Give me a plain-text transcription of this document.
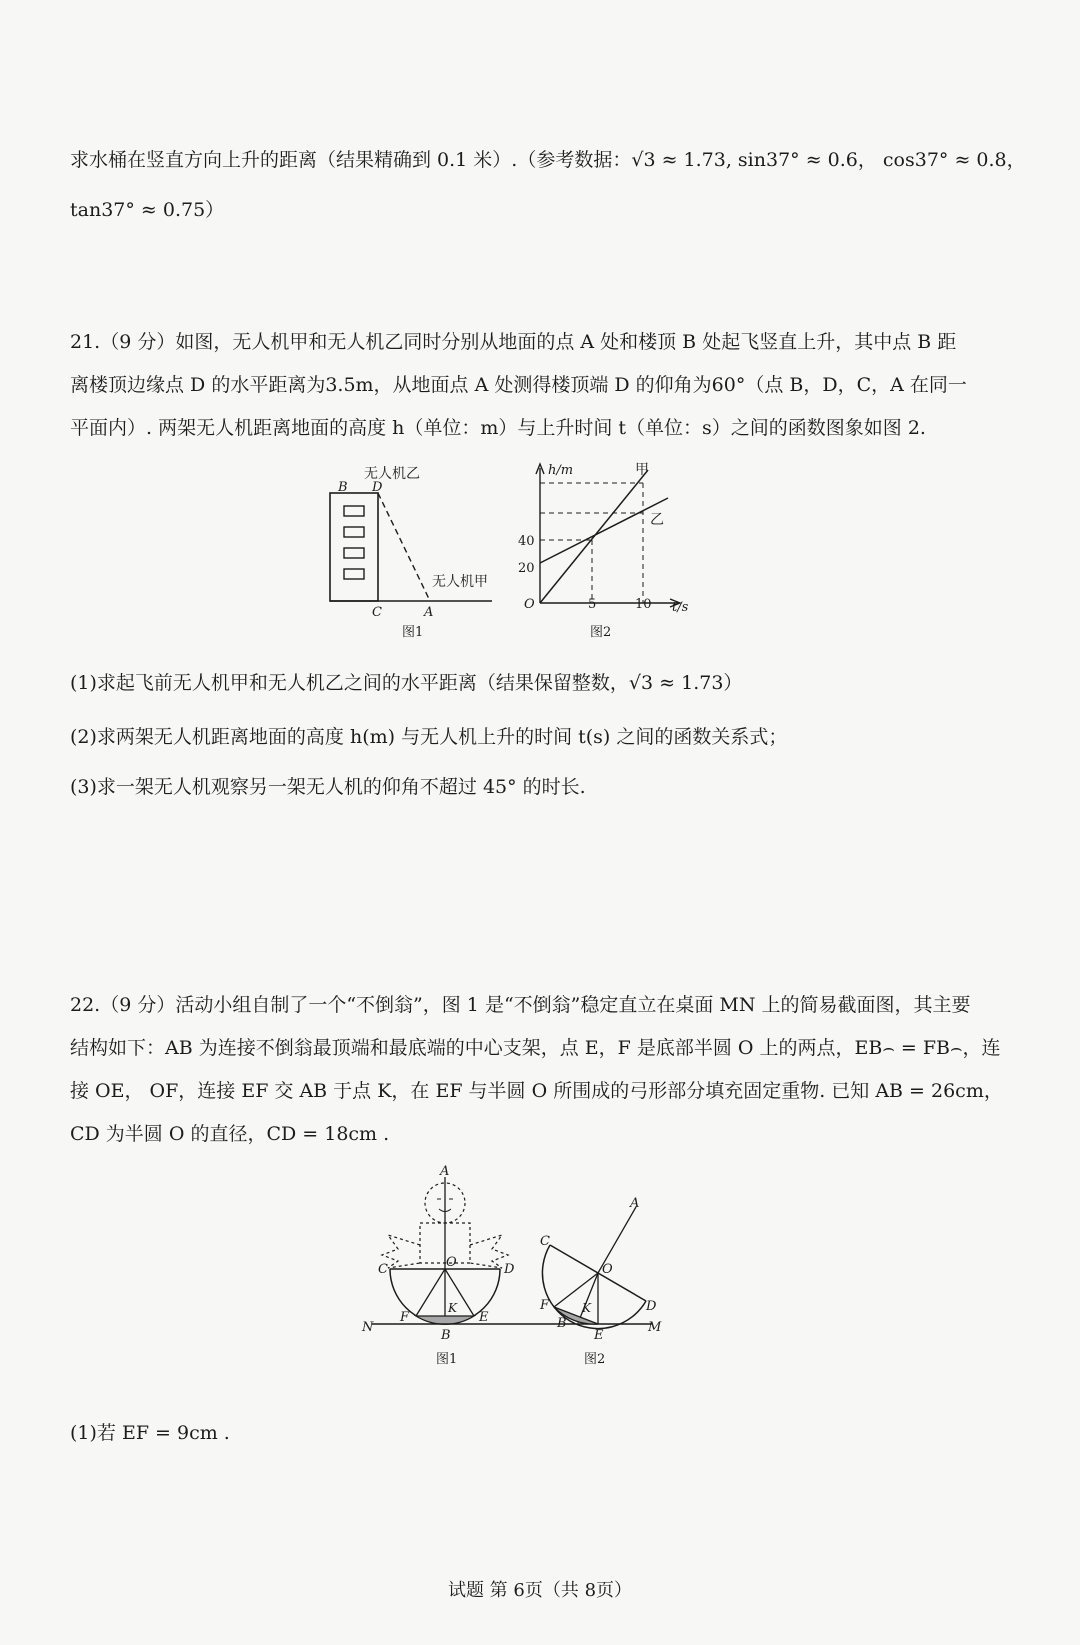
求水桶在竖直方向上升的距离（结果精确到 0.1 米）.（参考数据：√3 ≈ 1.73, sin37° ≈ 0.6， cos37° ≈ 0.8，
tan37° ≈ 0.75）
21.（9 分）如图，无人机甲和无人机乙同时分别从地面的点 A 处和楼顶 B 处起飞竖直上升，其中点 B 距
离楼顶边缘点 D 的水平距离为3.5m，从地面点 A 处测得楼顶端 D 的仰角为60°（点 B，D，C，A 在同一
平面内）. 两架无人机距离地面的高度 h（单位：m）与上升时间 t（单位：s）之间的函数图象如图 2.
无人机乙
B D
无人机甲
C	A
图1
h/m	甲
乙
40
20
O	5	10 t/s
图2
(1)求起飞前无人机甲和无人机乙之间的水平距离（结果保留整数，√3 ≈ 1.73）
(2)求两架无人机距离地面的高度 h(m) 与无人机上升的时间 t(s) 之间的函数关系式；
(3)求一架无人机观察另一架无人机的仰角不超过 45° 的时长.
22.（9 分）活动小组自制了一个“不倒翁”，图 1 是“不倒翁”稳定直立在桌面 MN 上的简易截面图，其主要
结构如下：AB 为连接不倒翁最顶端和最底端的中心支架，点 E，F 是底部半圆 O 上的两点，EB⌢ = FB⌢，连
接 OE， OF，连接 EF 交 AB 于点 K，在 EF 与半圆 O 所围成的弓形部分填充固定重物. 已知 AB = 26cm，
CD 为半圆 O 的直径，CD = 18cm .
A
C	O	D
K
N
F
B
E
图1
A
C
O
D
F	K
B
E
M
图2
(1)若 EF = 9cm .
试题 第 6页（共 8页）
